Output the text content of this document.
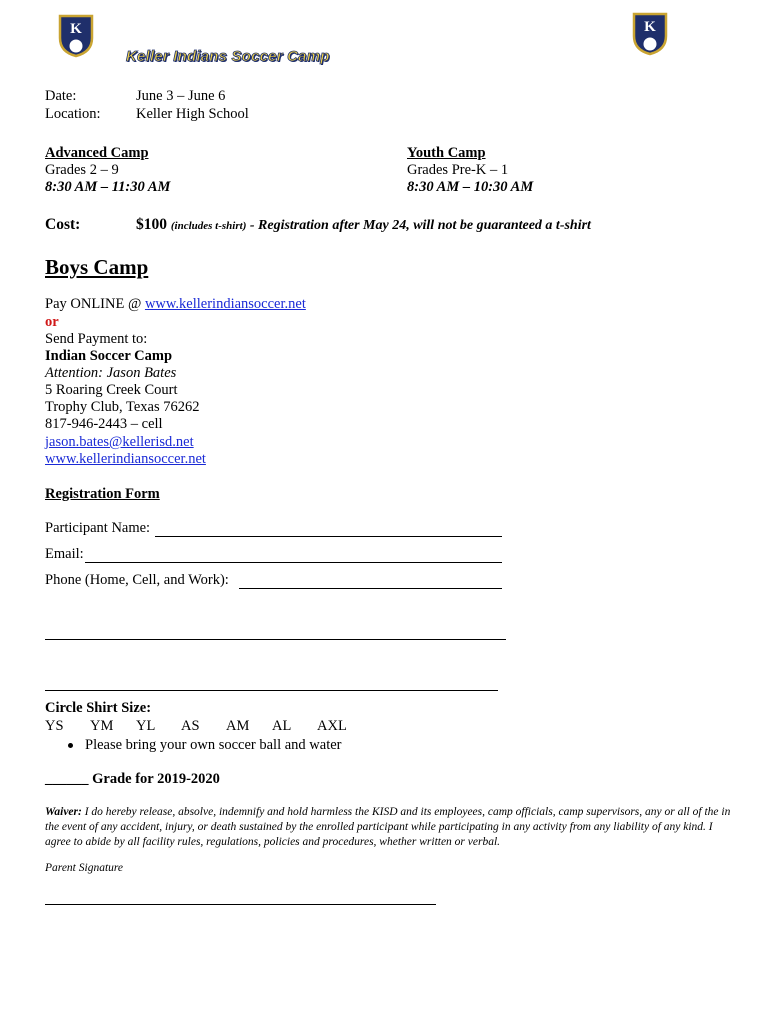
K	K
Keller Indians Soccer Camp
Date:	June 3 – June 6
Location: Keller High School
Advanced Camp
Grades 2 – 9
8:30 AM – 11:30 AM
Youth Camp
Grades Pre-K – 1
8:30 AM – 10:30 AM
Cost:	$100 (includes t-shirt) - Registration after May 24, will not be guaranteed a t-shirt
Boys Camp
Pay ONLINE @ www.kellerindiansoccer.net
or
Send Payment to:
Indian Soccer Camp
Attention: Jason Bates
5 Roaring Creek Court
Trophy Club, Texas 76262
817-946-2443 – cell
jason.bates@kellerisd.net
www.kellerindiansoccer.net
Registration Form
Participant Name:
Email:
Phone (Home, Cell, and Work):
Circle Shirt Size:
YS YM YL AS AM AL AXL
Please bring your own soccer ball and water
______ Grade for 2019-2020
Waiver: I do hereby release, absolve, indemnify and hold harmless the KISD and its employees, camp officials, camp supervisors, any or all of the in the event of any accident, injury, or death sustained by the enrolled participant while participating in any activity from any liability of any kind. I agree to abide by all facility rules, regulations, policies and procedures, whether written or verbal.
Parent Signature
